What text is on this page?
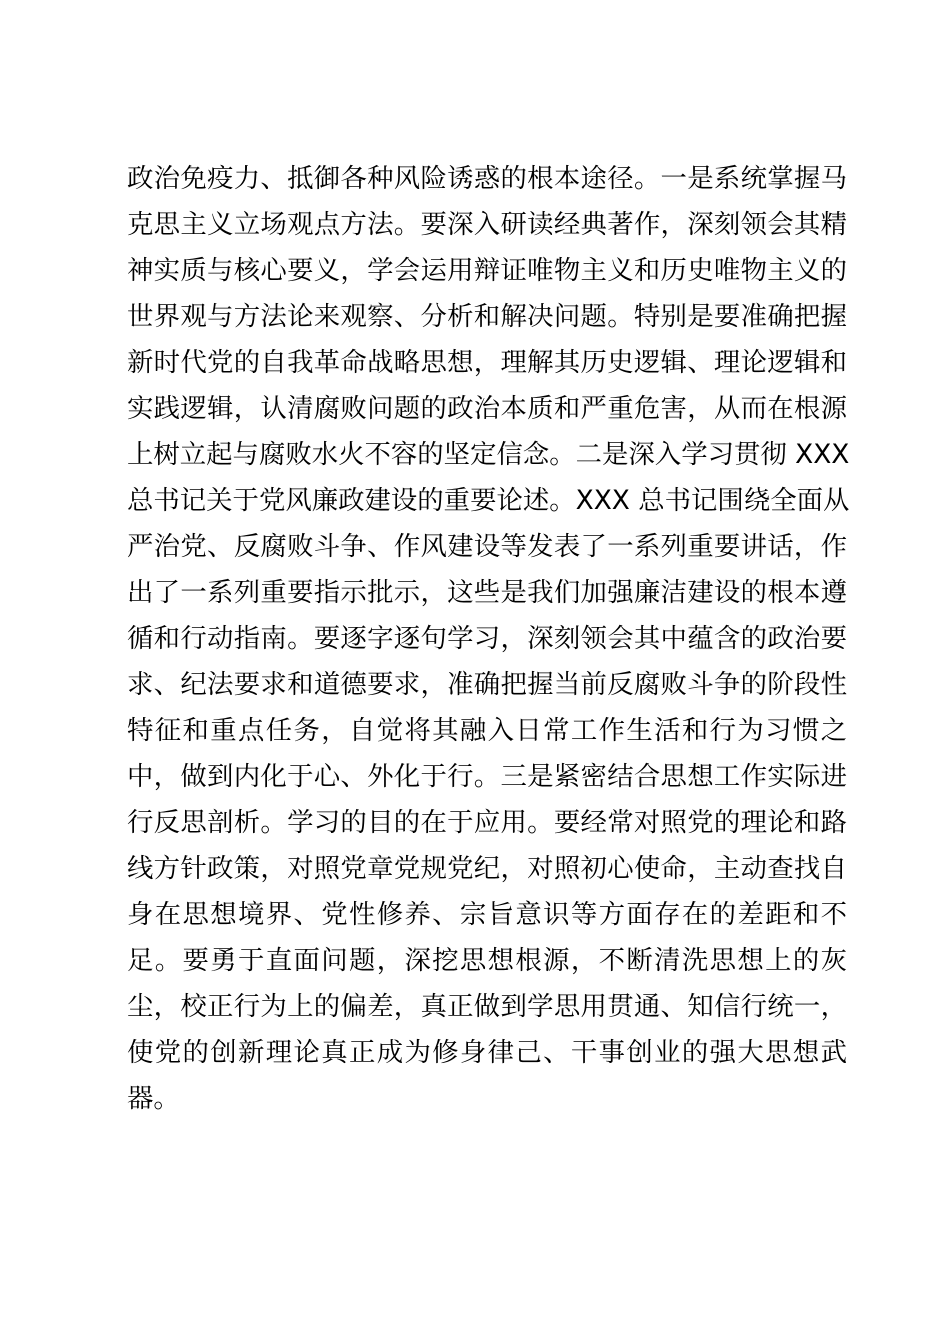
政治免疫力、抵御各种风险诱惑的根本途径。一是系统掌握马
克思主义立场观点方法。要深入研读经典著作，深刻领会其精
神实质与核心要义，学会运用辩证唯物主义和历史唯物主义的
世界观与方法论来观察、分析和解决问题。特别是要准确把握
新时代党的自我革命战略思想，理解其历史逻辑、理论逻辑和
实践逻辑，认清腐败问题的政治本质和严重危害，从而在根源
上树立起与腐败水火不容的坚定信念。二是深入学习贯彻 XXX
总书记关于党风廉政建设的重要论述。XXX 总书记围绕全面从
严治党、反腐败斗争、作风建设等发表了一系列重要讲话，作
出了一系列重要指示批示，这些是我们加强廉洁建设的根本遵
循和行动指南。要逐字逐句学习，深刻领会其中蕴含的政治要
求、纪法要求和道德要求，准确把握当前反腐败斗争的阶段性
特征和重点任务，自觉将其融入日常工作生活和行为习惯之
中，做到内化于心、外化于行。三是紧密结合思想工作实际进
行反思剖析。学习的目的在于应用。要经常对照党的理论和路
线方针政策，对照党章党规党纪，对照初心使命，主动查找自
身在思想境界、党性修养、宗旨意识等方面存在的差距和不
足。要勇于直面问题，深挖思想根源，不断清洗思想上的灰
尘，校正行为上的偏差，真正做到学思用贯通、知信行统一，
使党的创新理论真正成为修身律己、干事创业的强大思想武
器。
